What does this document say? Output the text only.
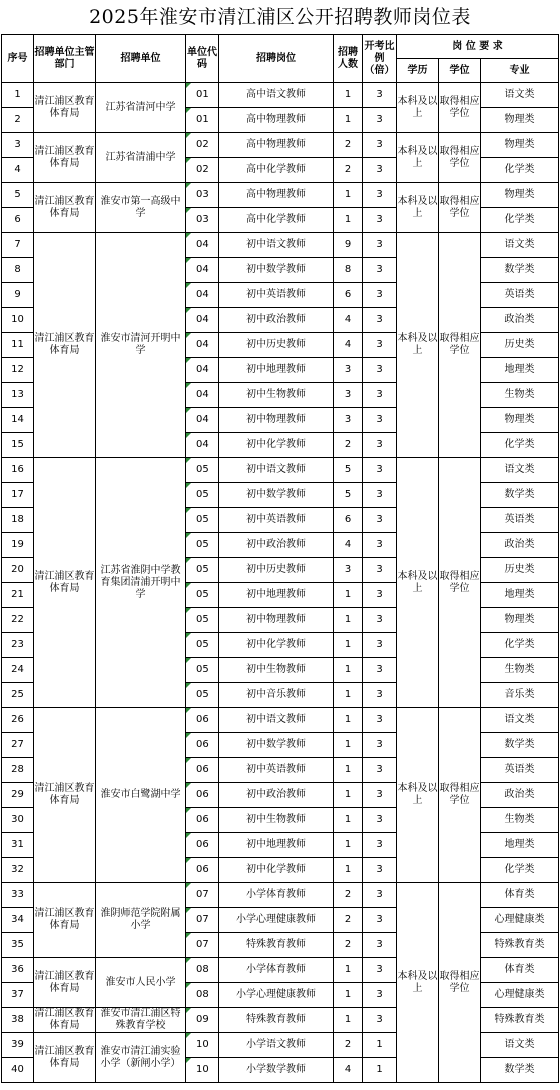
2025年淮安市清江浦区公开招聘教师岗位表
序号	招聘单位主管部门	招聘单位	单位代码	招聘岗位	招聘人数	开考比例（倍）	岗 位 要 求		
							学历	学位	专业
1	清江浦区教育体育局	江苏省清河中学	01	高中语文教师	1	3	本科及以上	取得相应学位	语文类
2			01	高中物理教师	1	3			物理类
3	清江浦区教育体育局	江苏省清浦中学	02	高中物理教师	2	3	本科及以上	取得相应学位	物理类
4			02	高中化学教师	2	3			化学类
5	清江浦区教育体育局	淮安市第一高级中学	03	高中物理教师	1	3	本科及以上	取得相应学位	物理类
6			03	高中化学教师	1	3			化学类
7	清江浦区教育体育局	淮安市清河开明中学	04	初中语文教师	9	3	本科及以上	取得相应学位	语文类
8			04	初中数学教师	8	3			数学类
9			04	初中英语教师	6	3			英语类
10			04	初中政治教师	4	3			政治类
11			04	初中历史教师	4	3			历史类
12			04	初中地理教师	3	3			地理类
13			04	初中生物教师	3	3			生物类
14			04	初中物理教师	3	3			物理类
15			04	初中化学教师	2	3			化学类
16	清江浦区教育体育局	江苏省淮阴中学教育集团清浦开明中学	05	初中语文教师	5	3	本科及以上	取得相应学位	语文类
17			05	初中数学教师	5	3			数学类
18			05	初中英语教师	6	3			英语类
19			05	初中政治教师	4	3			政治类
20			05	初中历史教师	3	3			历史类
21			05	初中地理教师	1	3			地理类
22			05	初中物理教师	1	3			物理类
23			05	初中化学教师	1	3			化学类
24			05	初中生物教师	1	3			生物类
25			05	初中音乐教师	1	3			音乐类
26	清江浦区教育体育局	淮安市白鹭湖中学	06	初中语文教师	1	3	本科及以上	取得相应学位	语文类
27			06	初中数学教师	1	3			数学类
28			06	初中英语教师	1	3			英语类
29			06	初中政治教师	1	3			政治类
30			06	初中生物教师	1	3			生物类
31			06	初中地理教师	1	3			地理类
32			06	初中化学教师	1	3			化学类
33	清江浦区教育体育局	淮阴师范学院附属小学	07	小学体育教师	2	3	本科及以上	取得相应学位	体育类
34			07	小学心理健康教师	2	3			心理健康类
35			07	特殊教育教师	2	3			特殊教育类
36	清江浦区教育体育局	淮安市人民小学	08	小学体育教师	1	3			体育类
37			08	小学心理健康教师	1	3			心理健康类
38	清江浦区教育体育局	淮安市清江浦区特殊教育学校	09	特殊教育教师	1	3			特殊教育类
39	清江浦区教育体育局	淮安市清江浦实验小学（新闸小学）	10	小学语文教师	2	1			语文类
40			10	小学数学教师	4	1			数学类
